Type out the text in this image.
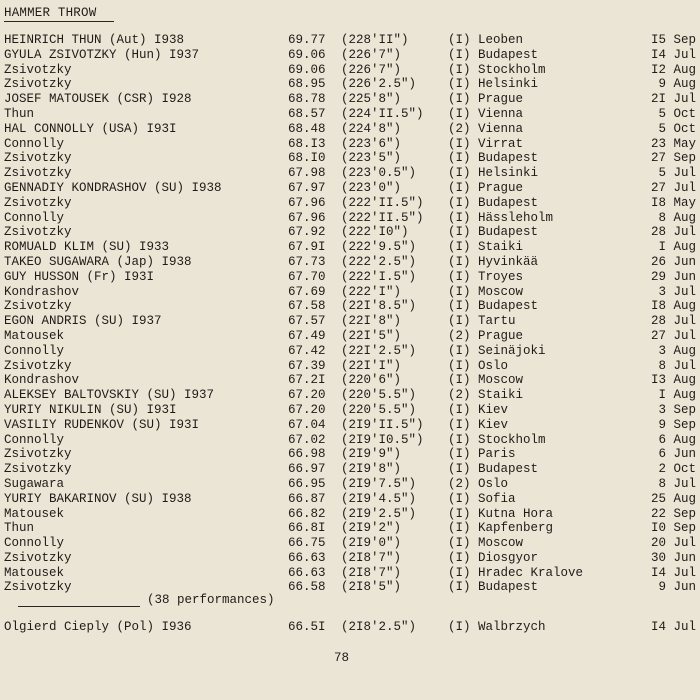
HAMMER THROW
HEINRICH THUN (Aut) I938	69.77 (228'II")	(I) Leoben	I5 Sep
GYULA ZSIVOTZKY (Hun) I937	69.06 (226'7")	(I) Budapest	I4 Jul
Zsivotzky	69.06 (226'7")	(I) Stockholm	I2 Aug
Zsivotzky	68.95 (226'2.5")	(I) Helsinki	9 Aug
JOSEF MATOUSEK (CSR) I928	68.78 (225'8")	(I) Prague	2I Jul
Thun	68.57 (224'II.5") (I) Vienna	5 Oct
HAL CONNOLLY (USA) I93I	68.48 (224'8")	(2) Vienna	5 Oct
Connolly	68.I3 (223'6")	(I) Virrat	23 May
Zsivotzky	68.I0 (223'5")	(I) Budapest	27 Sep
Zsivotzky	67.98 (223'0.5")	(I) Helsinki	5 Jul
GENNADIY KONDRASHOV (SU) I938	67.97 (223'0")	(I) Prague	27 Jul
Zsivotzky	67.96 (222'II.5") (I) Budapest	I8 May
Connolly	67.96 (222'II.5") (I) Hässleholm	8 Aug
Zsivotzky	67.92 (222'I0")	(I) Budapest	28 Jul
ROMUALD KLIM (SU) I933	67.9I (222'9.5")	(I) Staiki	I Aug
TAKEO SUGAWARA (Jap) I938	67.73 (222'2.5")	(I) Hyvinkää	26 Jun
GUY HUSSON (Fr) I93I	67.70 (222'I.5")	(I) Troyes	29 Jun
Kondrashov	67.69 (222'I")	(I) Moscow	3 Jul
Zsivotzky	67.58 (22I'8.5")	(I) Budapest	I8 Aug
EGON ANDRIS (SU) I937	67.57 (22I'8")	(I) Tartu	28 Jul
Matousek	67.49 (22I'5")	(2) Prague	27 Jul
Connolly	67.42 (22I'2.5")	(I) Seinäjoki	3 Aug
Zsivotzky	67.39 (22I'I")	(I) Oslo	8 Jul
Kondrashov	67.2I (220'6")	(I) Moscow	I3 Aug
ALEKSEY BALTOVSKIY (SU) I937	67.20 (220'5.5")	(2) Staiki	I Aug
YURIY NIKULIN (SU) I93I	67.20 (220'5.5")	(I) Kiev	3 Sep
VASILIY RUDENKOV (SU) I93I	67.04 (2I9'II.5") (I) Kiev	9 Sep
Connolly	67.02 (2I9'I0.5") (I) Stockholm	6 Aug
Zsivotzky	66.98 (2I9'9")	(I) Paris	6 Jun
Zsivotzky	66.97 (2I9'8")	(I) Budapest	2 Oct
Sugawara	66.95 (2I9'7.5")	(2) Oslo	8 Jul
YURIY BAKARINOV (SU) I938	66.87 (2I9'4.5")	(I) Sofia	25 Aug
Matousek	66.82 (2I9'2.5")	(I) Kutna Hora	22 Sep
Thun	66.8I (2I9'2")	(I) Kapfenberg	I0 Sep
Connolly	66.75 (2I9'0")	(I) Moscow	20 Jul
Zsivotzky	66.63 (2I8'7")	(I) Diosgyor	30 Jun
Matousek	66.63 (2I8'7")	(I) Hradec Kralove	I4 Jul
Zsivotzky	66.58 (2I8'5")	(I) Budapest	9 Jun
(38 performances)
Olgierd Cieply (Pol) I936	66.5I (2I8'2.5")	(I) Walbrzych	I4 Jul
78
